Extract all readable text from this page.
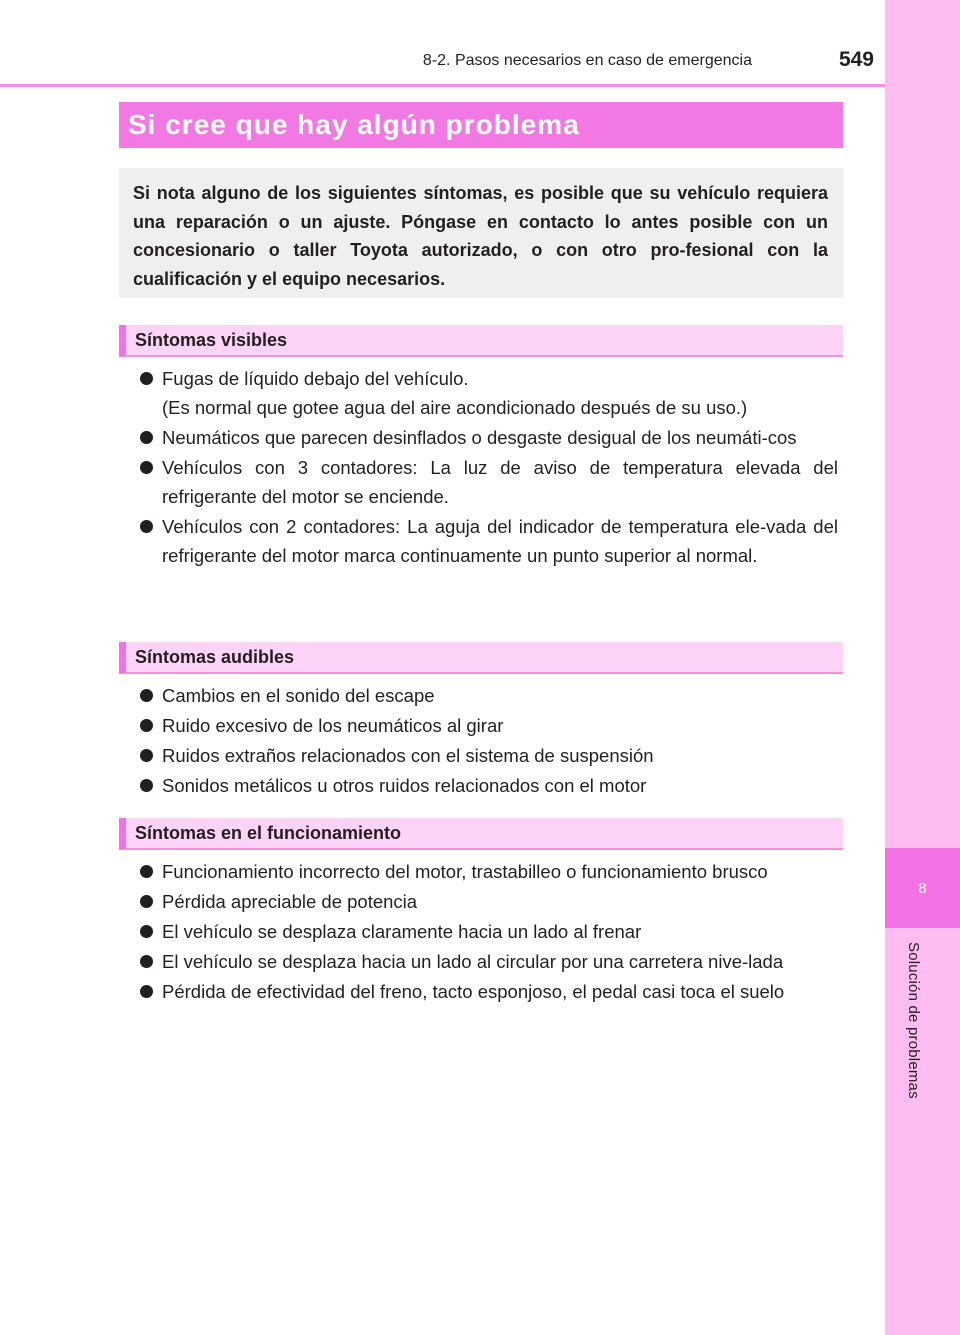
8
Solución de problemas
8-2. Pasos necesarios en caso de emergencia	549
Si cree que hay algún problema
Si nota alguno de los siguientes síntomas, es posible que su vehículo requiera una reparación o un ajuste. Póngase en contacto lo antes posible con un concesionario o taller Toyota autorizado, o con otro pro-fesional con la cualificación y el equipo necesarios.
Síntomas visibles
Fugas de líquido debajo del vehículo.
(Es normal que gotee agua del aire acondicionado después de su uso.)
Neumáticos que parecen desinflados o desgaste desigual de los neumáti-cos
Vehículos con 3 contadores: La luz de aviso de temperatura elevada del refrigerante del motor se enciende.
Vehículos con 2 contadores: La aguja del indicador de temperatura ele-vada del refrigerante del motor marca continuamente un punto superior al normal.
Síntomas audibles
Cambios en el sonido del escape
Ruido excesivo de los neumáticos al girar
Ruidos extraños relacionados con el sistema de suspensión
Sonidos metálicos u otros ruidos relacionados con el motor
Síntomas en el funcionamiento
Funcionamiento incorrecto del motor, trastabilleo o funcionamiento brusco
Pérdida apreciable de potencia
El vehículo se desplaza claramente hacia un lado al frenar
El vehículo se desplaza hacia un lado al circular por una carretera nive-lada
Pérdida de efectividad del freno, tacto esponjoso, el pedal casi toca el suelo
